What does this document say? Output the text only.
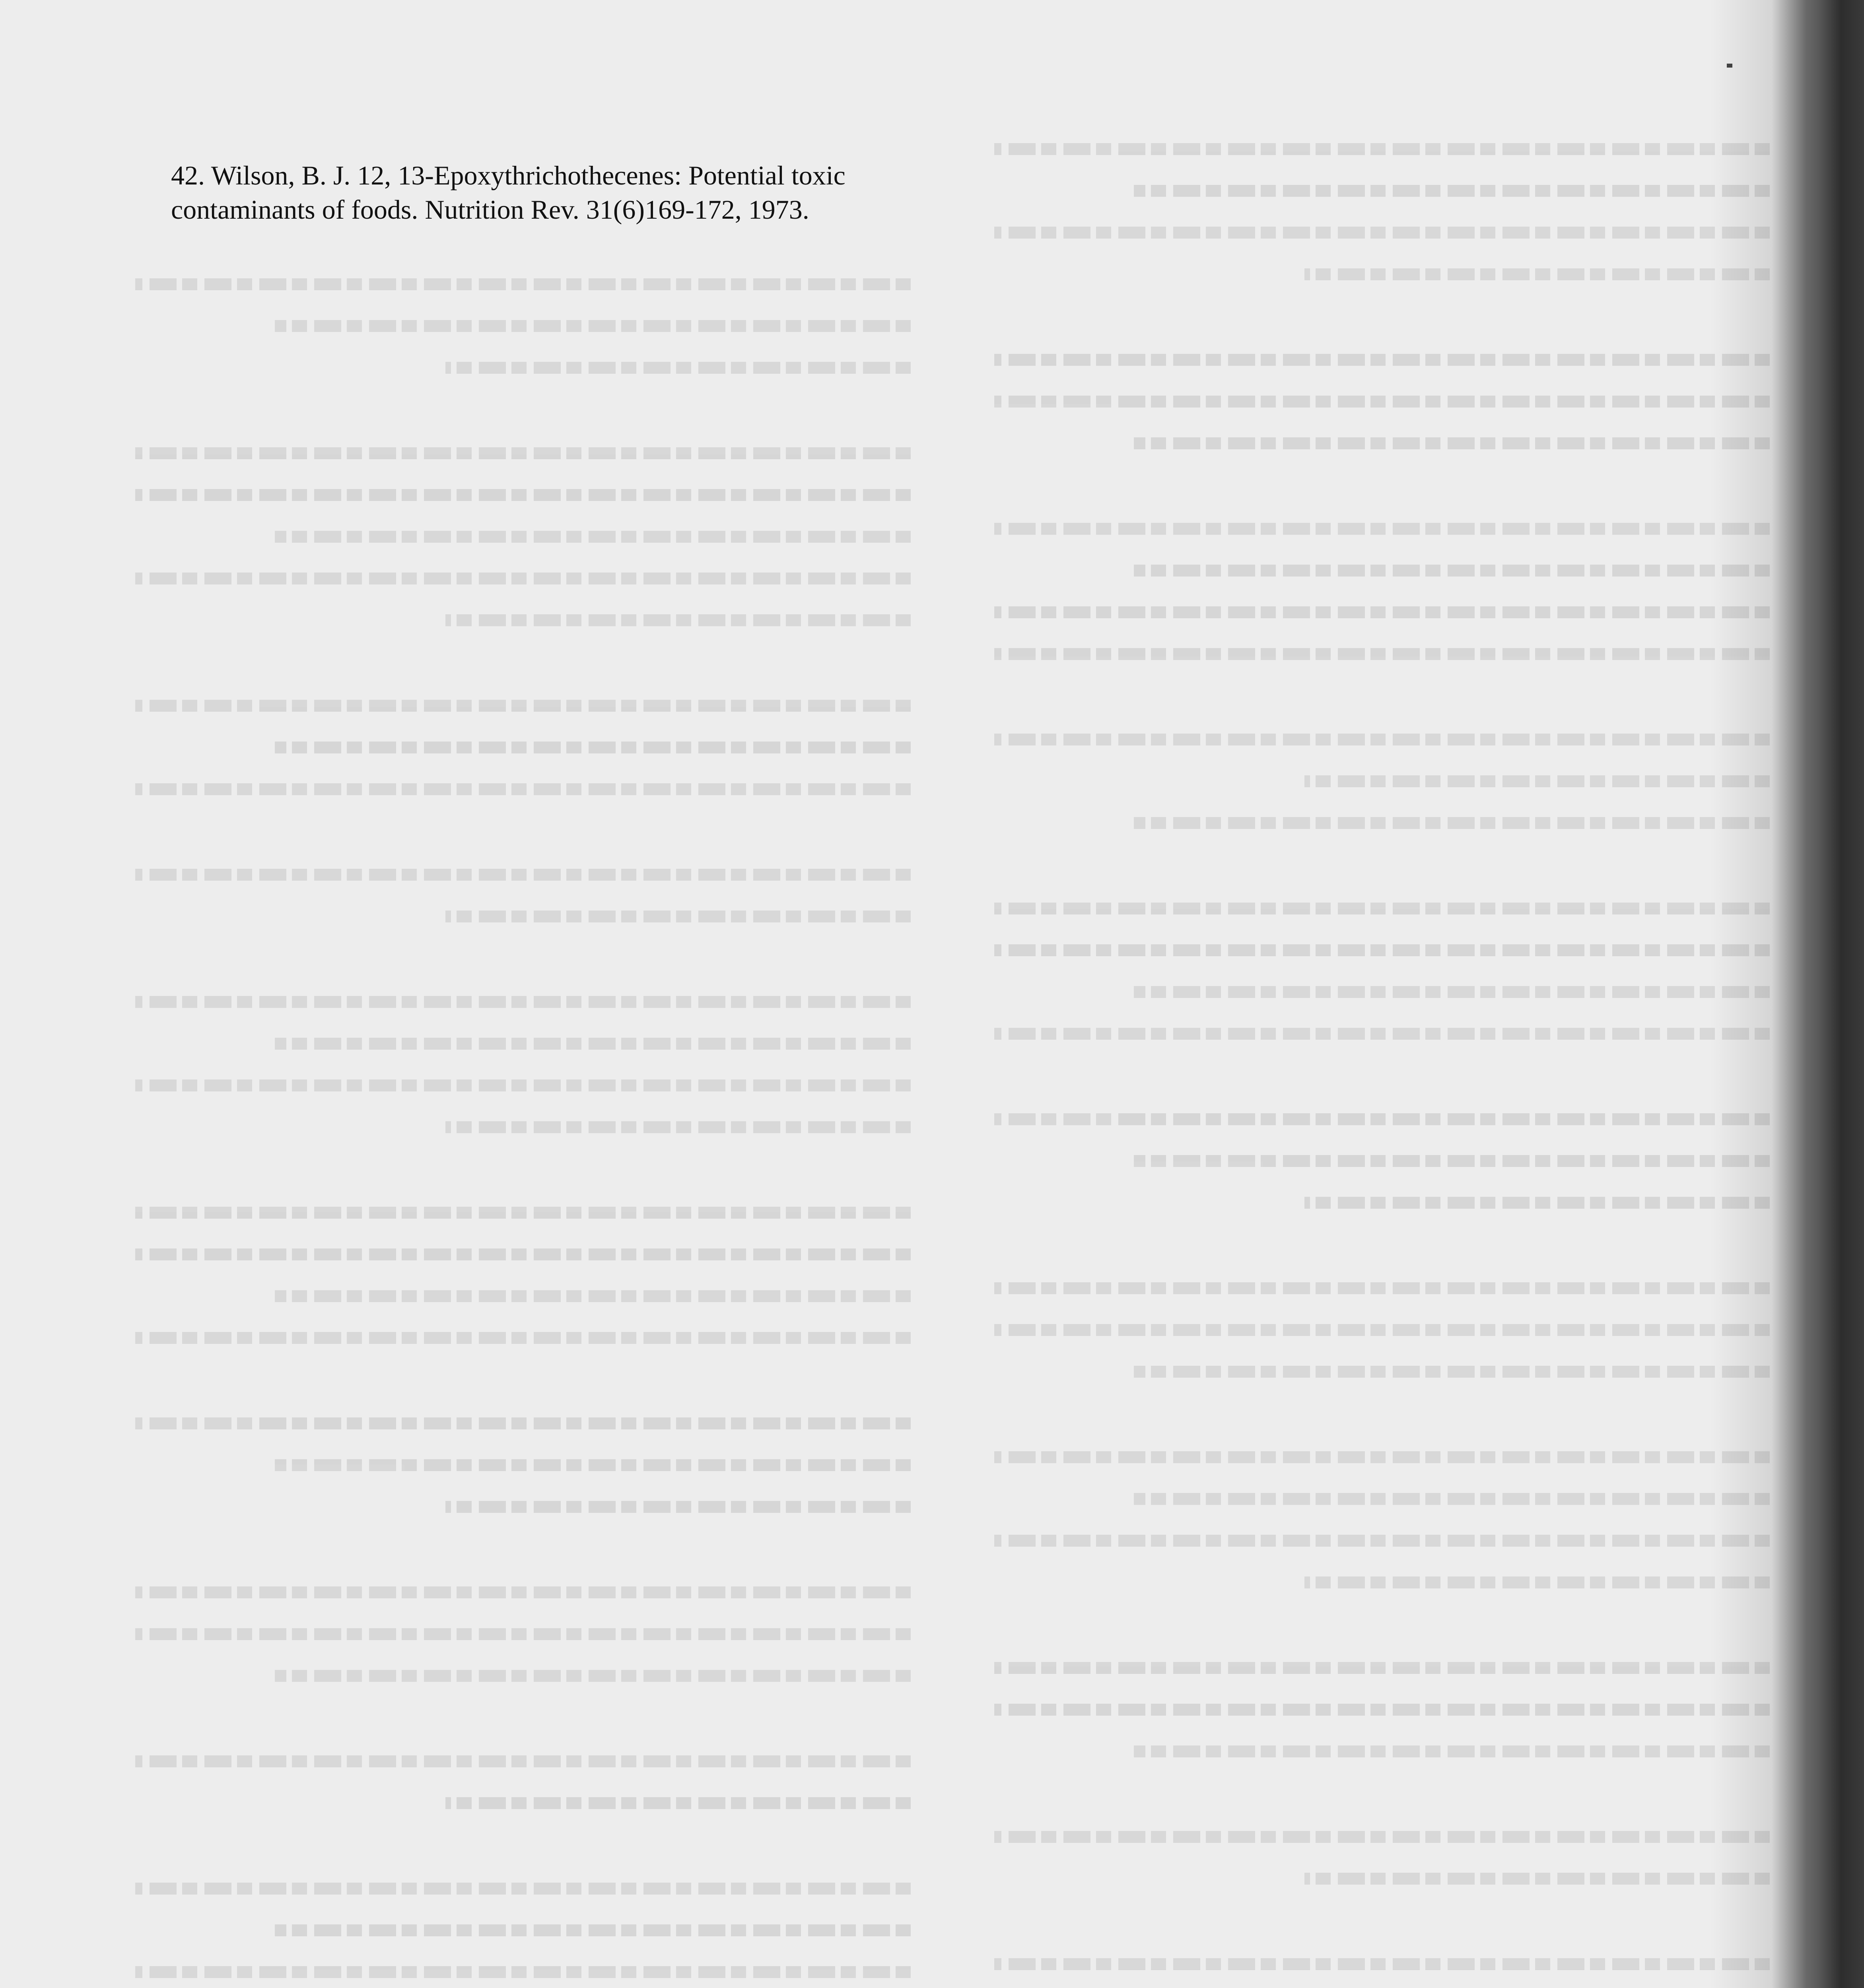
42. Wilson, B. J. 12, 13-Epoxythrichothecenes: Potential toxic contaminants of foods. Nutrition Rev. 31(6)169-172, 1973.
